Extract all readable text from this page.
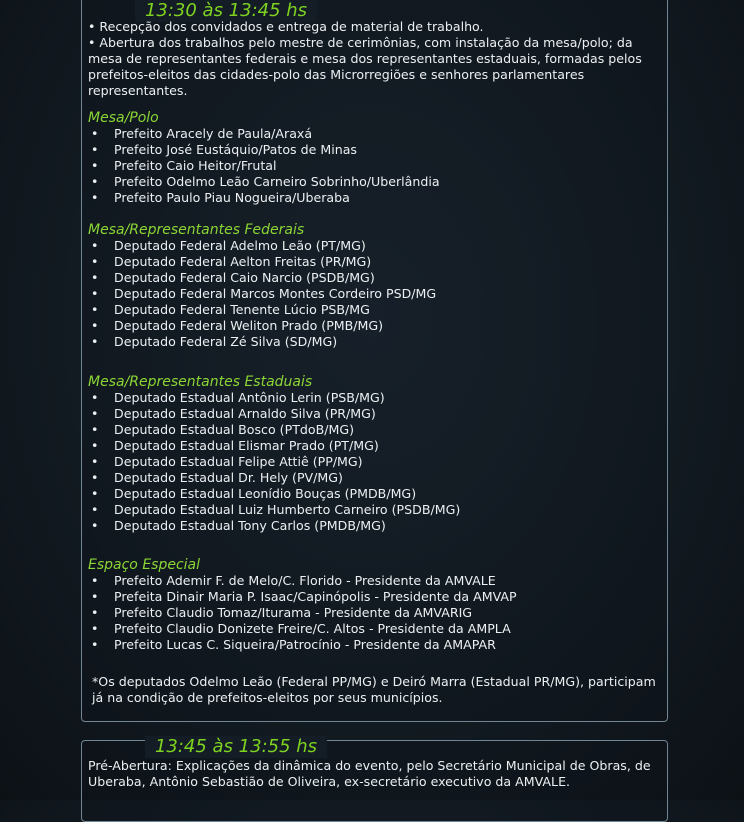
13:30 às 13:45 hs
13:45 às 13:55 hs

• Recepção dos convidados e entrega de material de trabalho.

• Abertura dos trabalhos pelo mestre de cerimônias, com instalação da mesa/polo; da mesa de representantes federais e mesa dos representantes estaduais, formadas pelos prefeitos-eleitos das cidades-polo das Microrregiões e senhores parlamentares representantes.

Mesa/Polo

• Prefeito Aracely de Paula/Araxá
• Prefeito José Eustáquio/Patos de Minas
• Prefeito Caio Heitor/Frutal
• Prefeito Odelmo Leão Carneiro Sobrinho/Uberlândia
• Prefeito Paulo Piau Nogueira/Uberaba

Mesa/Representantes Federais

• Deputado Federal Adelmo Leão (PT/MG)
• Deputado Federal Aelton Freitas (PR/MG)
• Deputado Federal Caio Narcio (PSDB/MG)
• Deputado Federal Marcos Montes Cordeiro PSD/MG
• Deputado Federal Tenente Lúcio PSB/MG
• Deputado Federal Weliton Prado (PMB/MG)
• Deputado Federal Zé Silva (SD/MG)

Mesa/Representantes Estaduais

• Deputado Estadual Antônio Lerin (PSB/MG)
• Deputado Estadual Arnaldo Silva (PR/MG)
• Deputado Estadual Bosco (PTdoB/MG)
• Deputado Estadual Elismar Prado (PT/MG)
• Deputado Estadual Felipe Attiê (PP/MG)
• Deputado Estadual Dr. Hely (PV/MG)
• Deputado Estadual Leonídio Bouças (PMDB/MG)
• Deputado Estadual Luiz Humberto Carneiro (PSDB/MG)
• Deputado Estadual Tony Carlos (PMDB/MG)

Espaço Especial

• Prefeito Ademir F. de Melo/C. Florido - Presidente da AMVALE
• Prefeita Dinair Maria P. Isaac/Capinópolis - Presidente da AMVAP
• Prefeito Claudio Tomaz/Iturama - Presidente da AMVARIG
• Prefeito Claudio Donizete Freire/C. Altos - Presidente da AMPLA
• Prefeito Lucas C. Siqueira/Patrocínio - Presidente da AMAPAR

*Os deputados Odelmo Leão (Federal PP/MG) e Deiró Marra (Estadual PR/MG), participam já na condição de prefeitos-eleitos por seus municípios.

Pré-Abertura: Explicações da dinâmica do evento, pelo Secretário Municipal de Obras, de Uberaba, Antônio Sebastião de Oliveira, ex-secretário executivo da AMVALE.
